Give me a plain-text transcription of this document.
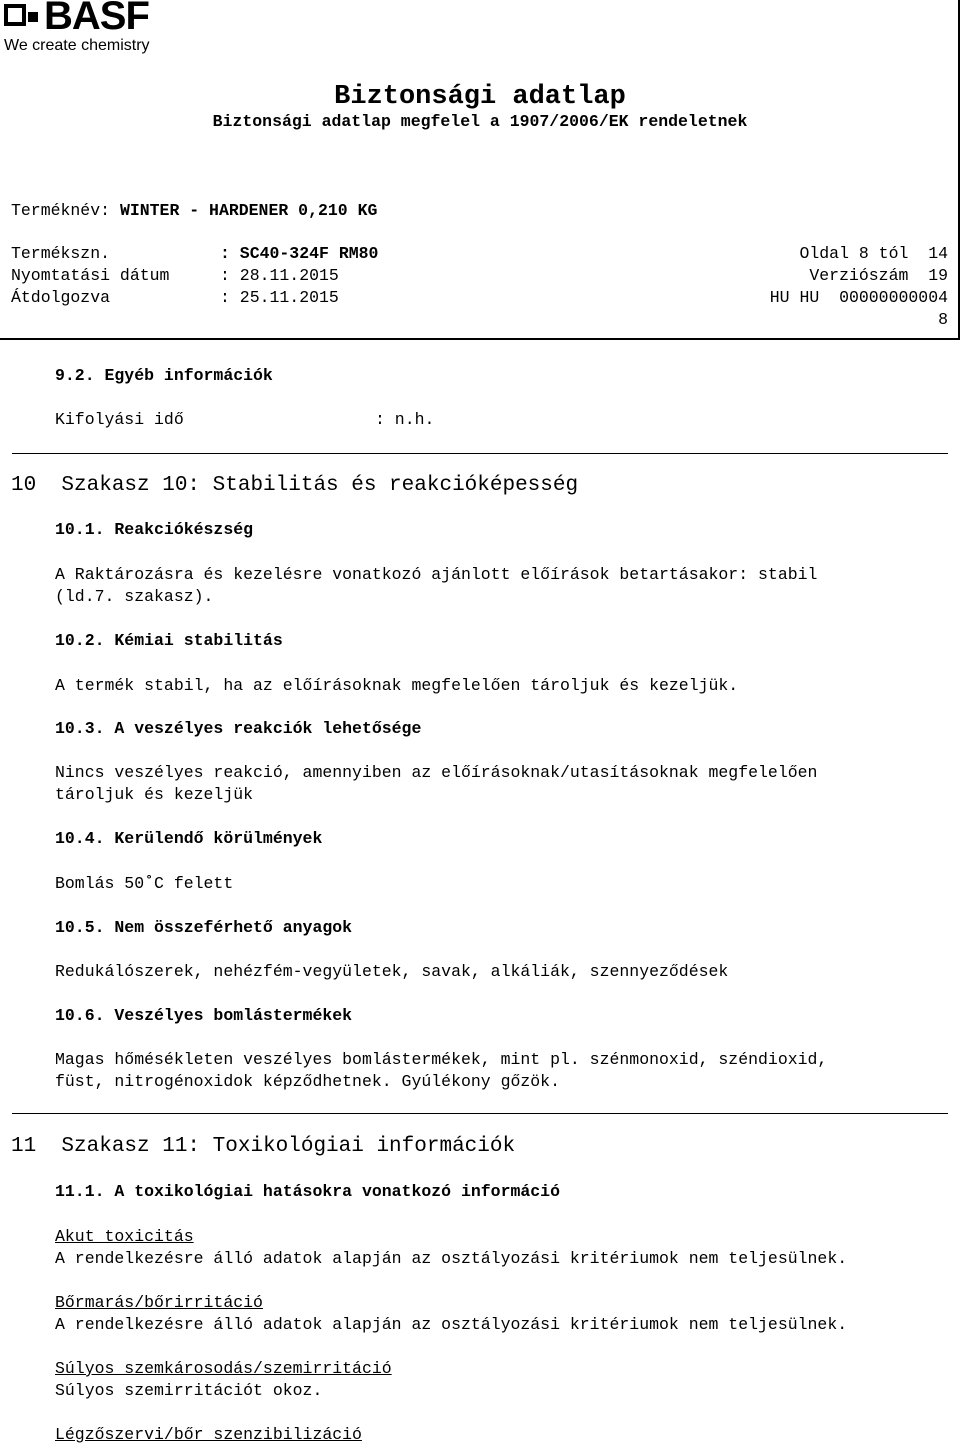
BASF
We create chemistry
Biztonsági adatlap
Biztonsági adatlap megfelel a 1907/2006/EK rendeletnek
Terméknév: WINTER - HARDENER 0,210 KG
Termékszn.	: SC40-324F RM80	Oldal 8 tól  14
Nyomtatási dátum	: 28.11.2015	Verziószám  19
Átdolgozva	: 25.11.2015	HU HU  00000000004
8
9.2. Egyéb információk
Kifolyási idő	: n.h.
10  Szakasz 10: Stabilitás és reakcióképesség
10.1. Reakciókészség
A Raktározásra és kezelésre vonatkozó ajánlott előírások betartásakor: stabil
(ld.7. szakasz).
10.2. Kémiai stabilitás
A termék stabil, ha az előírásoknak megfelelően tároljuk és kezeljük.
10.3. A veszélyes reakciók lehetősége
Nincs veszélyes reakció, amennyiben az előírásoknak/utasításoknak megfelelően
tároljuk és kezeljük
10.4. Kerülendő körülmények
Bomlás 50˚C felett
10.5. Nem összeférhető anyagok
Redukálószerek, nehézfém-vegyületek, savak, alkáliák, szennyeződések
10.6. Veszélyes bomlástermékek
Magas hőmésékleten veszélyes bomlástermékek, mint pl. szénmonoxid, széndioxid,
füst, nitrogénoxidok képződhetnek. Gyúlékony gőzök.
11  Szakasz 11: Toxikológiai információk
11.1. A toxikológiai hatásokra vonatkozó információ
Akut toxicitás
A rendelkezésre álló adatok alapján az osztályozási kritériumok nem teljesülnek.
Bőrmarás/bőrirritáció
A rendelkezésre álló adatok alapján az osztályozási kritériumok nem teljesülnek.
Súlyos szemkárosodás/szemirritáció
Súlyos szemirritációt okoz.
Légzőszervi/bőr szenzibilizáció
